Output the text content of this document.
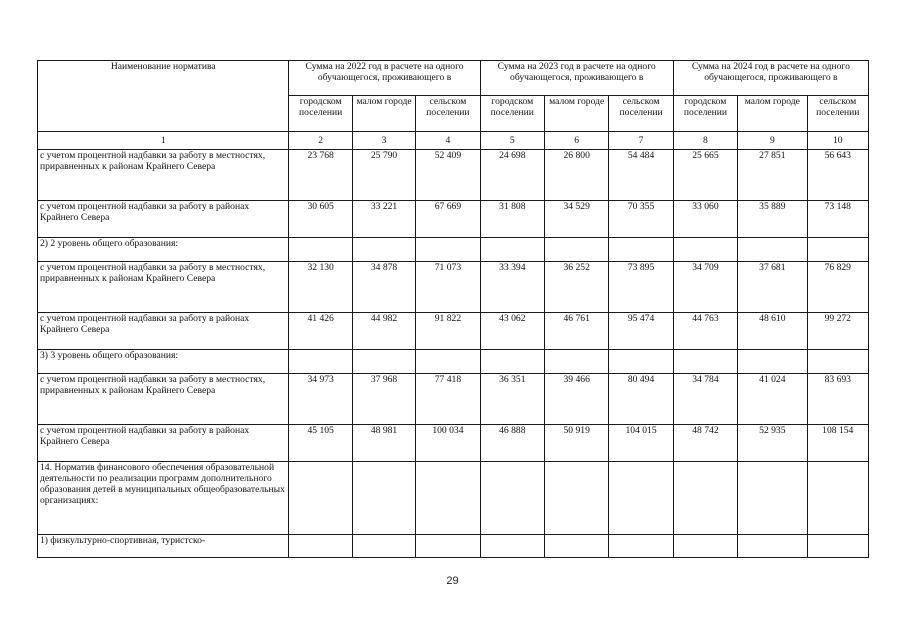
Наименование норматива	Сумма на 2022 год в расчете на одного обучающегося, проживающего в			Сумма на 2023 год в расчете на одного обучающегося, проживающего в			Сумма на 2024 год в расчете на одного обучающегося, проживающего в		
	городском поселении	малом городе	сельском поселении	городском поселении	малом городе	сельском поселении	городском поселении	малом городе	сельском поселении
1	2	3	4	5	6	7	8	9	10
с учетом процентной надбавки за работу в местностях, приравненных к районам Крайнего Севера	23 768	25 790	52 409	24 698	26 800	54 484	25 665	27 851	56 643
с учетом процентной надбавки за работу в районах Крайнего Севера	30 605	33 221	67 669	31 808	34 529	70 355	33 060	35 889	73 148
2) 2 уровень общего образования:									
с учетом процентной надбавки за работу в местностях, приравненных к районам Крайнего Севера	32 130	34 878	71 073	33 394	36 252	73 895	34 709	37 681	76 829
с учетом процентной надбавки за работу в районах Крайнего Севера	41 426	44 982	91 822	43 062	46 761	95 474	44 763	48 610	99 272
3) 3 уровень общего образования:									
с учетом процентной надбавки за работу в местностях, приравненных к районам Крайнего Севера	34 973	37 968	77 418	36 351	39 466	80 494	34 784	41 024	83 693
с учетом процентной надбавки за работу в районах Крайнего Севера	45 105	48 981	100 034	46 888	50 919	104 015	48 742	52 935	108 154
14. Норматив финансового обеспечения образовательной деятельности по реализации программ дополнительного образования детей в муниципальных общеобразовательных организациях:									
1) физкультурно-спортивная, туристско-									
29
